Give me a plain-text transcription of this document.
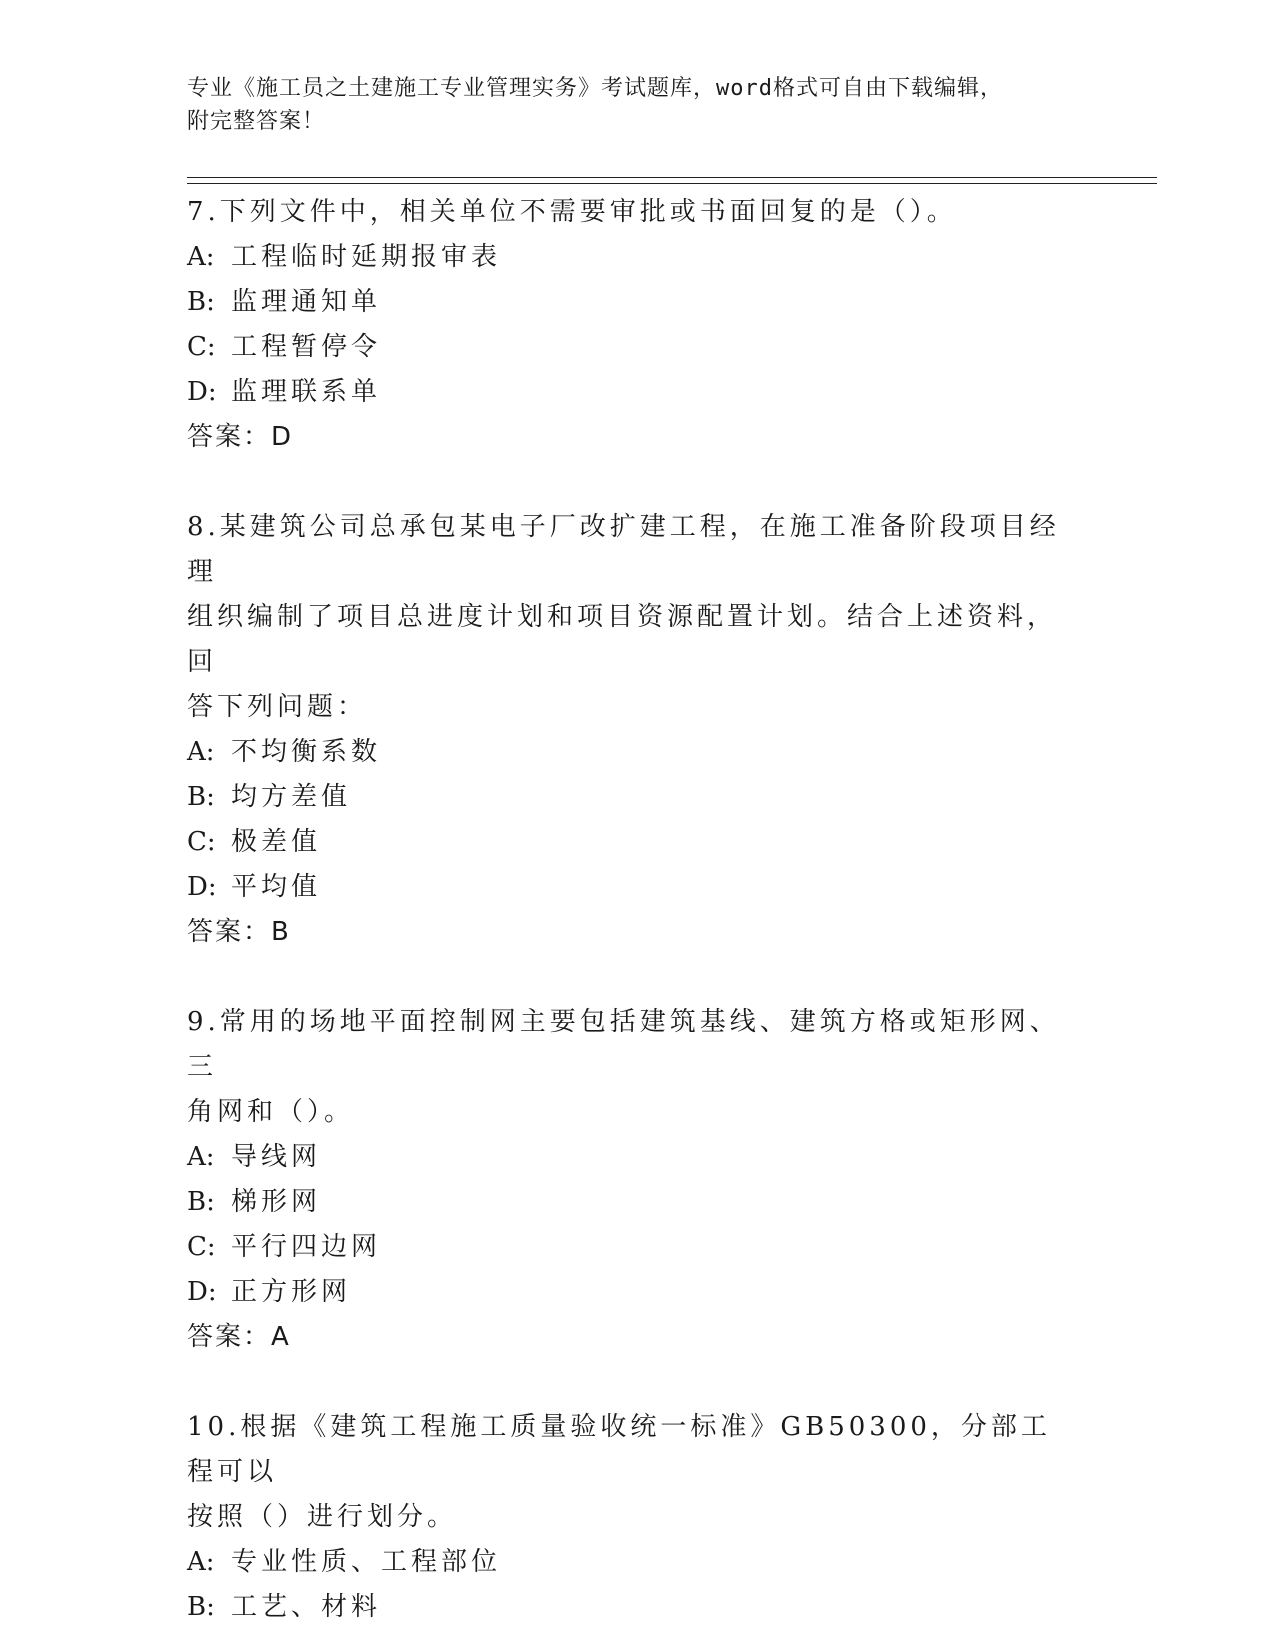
专业《施工员之土建施工专业管理实务》考试题库，word格式可自由下载编辑，
附完整答案！

7.下列文件中，相关单位不需要审批或书面回复的是（）。

A: 工程临时延期报审表

B: 监理通知单

C: 工程暂停令

D: 监理联系单

答案：D

8.某建筑公司总承包某电子厂改扩建工程，在施工准备阶段项目经理

组织编制了项目总进度计划和项目资源配置计划。结合上述资料，回

答下列问题：

A: 不均衡系数

B: 均方差值

C: 极差值

D: 平均值

答案：B

9.常用的场地平面控制网主要包括建筑基线、建筑方格或矩形网、三

角网和（）。

A: 导线网

B: 梯形网

C: 平行四边网

D: 正方形网

答案：A

10.根据《建筑工程施工质量验收统一标准》GB50300，分部工程可以

按照（）进行划分。

A: 专业性质、工程部位

B: 工艺、材料
